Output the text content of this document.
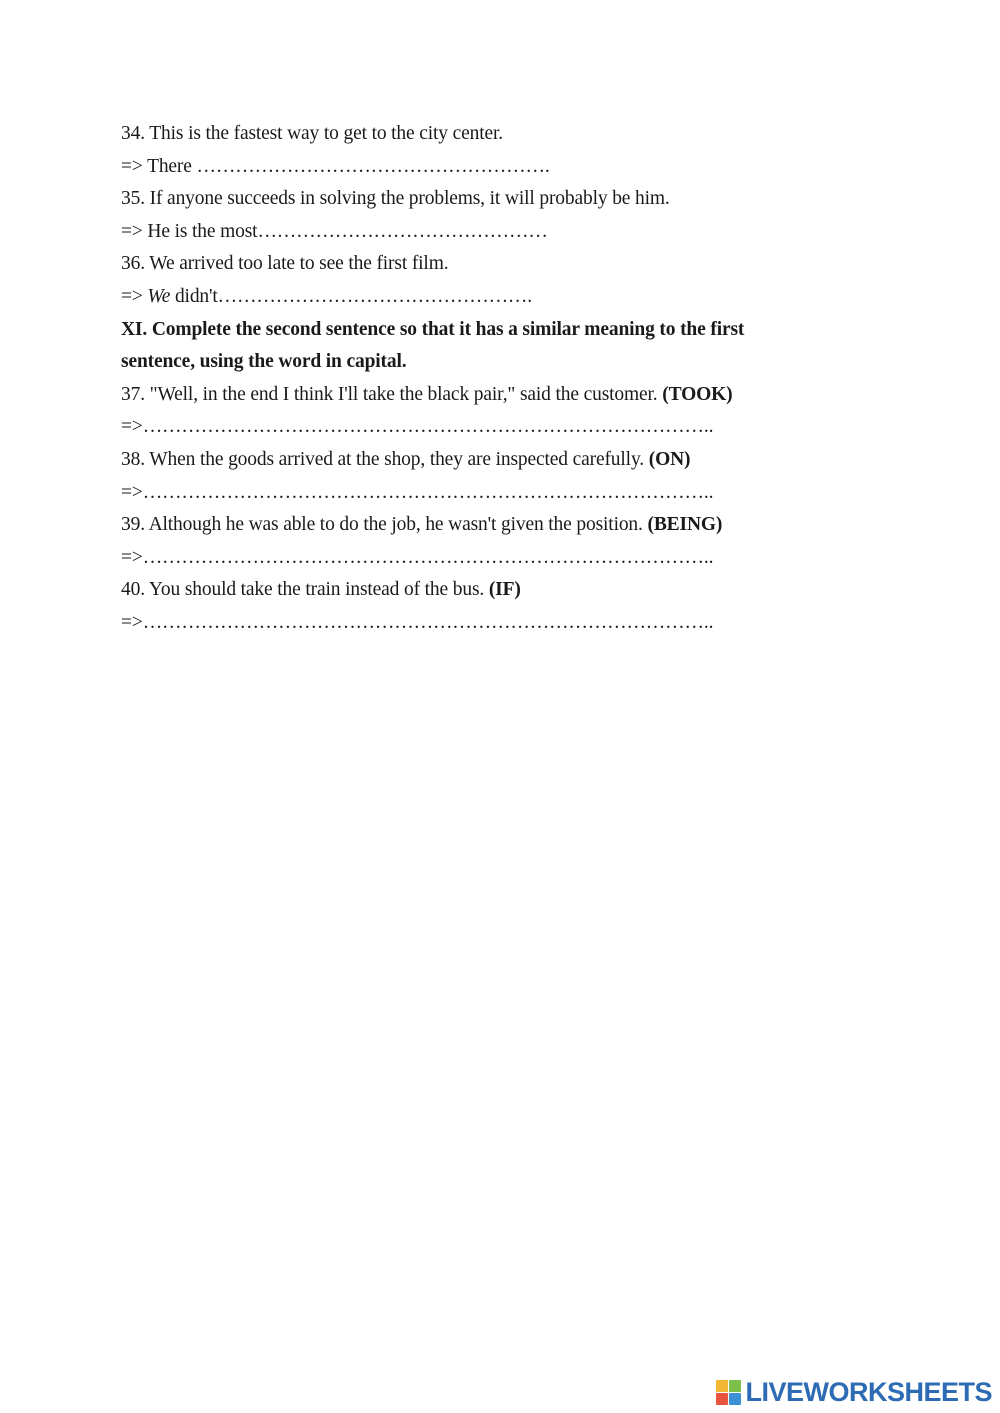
34. This is the fastest way to get to the city center.

=> There ……………………………………………….

35. If anyone succeeds in solving the problems, it will probably be him.

=> He is the most………………………………………

36. We arrived too late to see the first film.

=> We didn't………………………………………….

XI. Complete the second sentence so that it has a similar meaning to the first

sentence, using the word in capital.

37. "Well, in the end I think I'll take the black pair," said the customer. (TOOK)

=>……………………………………………………………………………..

38. When the goods arrived at the shop, they are inspected carefully. (ON)

=>……………………………………………………………………………..

39. Although he was able to do the job, he wasn't given the position. (BEING)

=>……………………………………………………………………………..

40. You should take the train instead of the bus. (IF)

=>……………………………………………………………………………..

LIVEWORKSHEETS
